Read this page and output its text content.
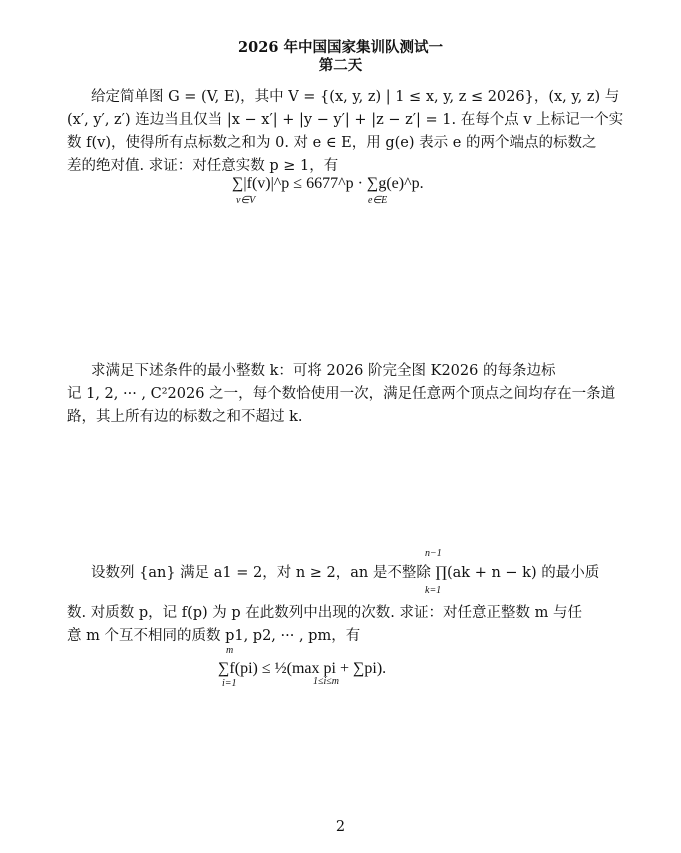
2026 年中国国家集训队测试一
第二天
给定简单图 G = (V, E)，其中 V = {(x, y, z) | 1 ≤ x, y, z ≤ 2026}，(x, y, z) 与
(x′, y′, z′) 连边当且仅当 |x − x′| + |y − y′| + |z − z′| = 1. 在每个点 v 上标记一个实
数 f(v)，使得所有点标数之和为 0. 对 e ∈ E，用 g(e) 表示 e 的两个端点的标数之
差的绝对值. 求证：对任意实数 p ≥ 1，有
∑|f(v)|^p ≤ 6677^p · ∑g(e)^p.
v∈V	e∈E
求满足下述条件的最小整数 k：可将 2026 阶完全图 K2026 的每条边标
记 1, 2, ··· , C²2026 之一，每个数恰使用一次，满足任意两个顶点之间均存在一条道
路，其上所有边的标数之和不超过 k.
n−1
设数列 {an} 满足 a1 = 2，对 n ≥ 2，an 是不整除 ∏(ak + n − k) 的最小质
k=1
数. 对质数 p，记 f(p) 为 p 在此数列中出现的次数. 求证：对任意正整数 m 与任
意 m 个互不相同的质数 p1, p2, ··· , pm，有
m
∑f(pi) ≤ ½(max pi + ∑pi).
i=1	1≤i≤m
2
